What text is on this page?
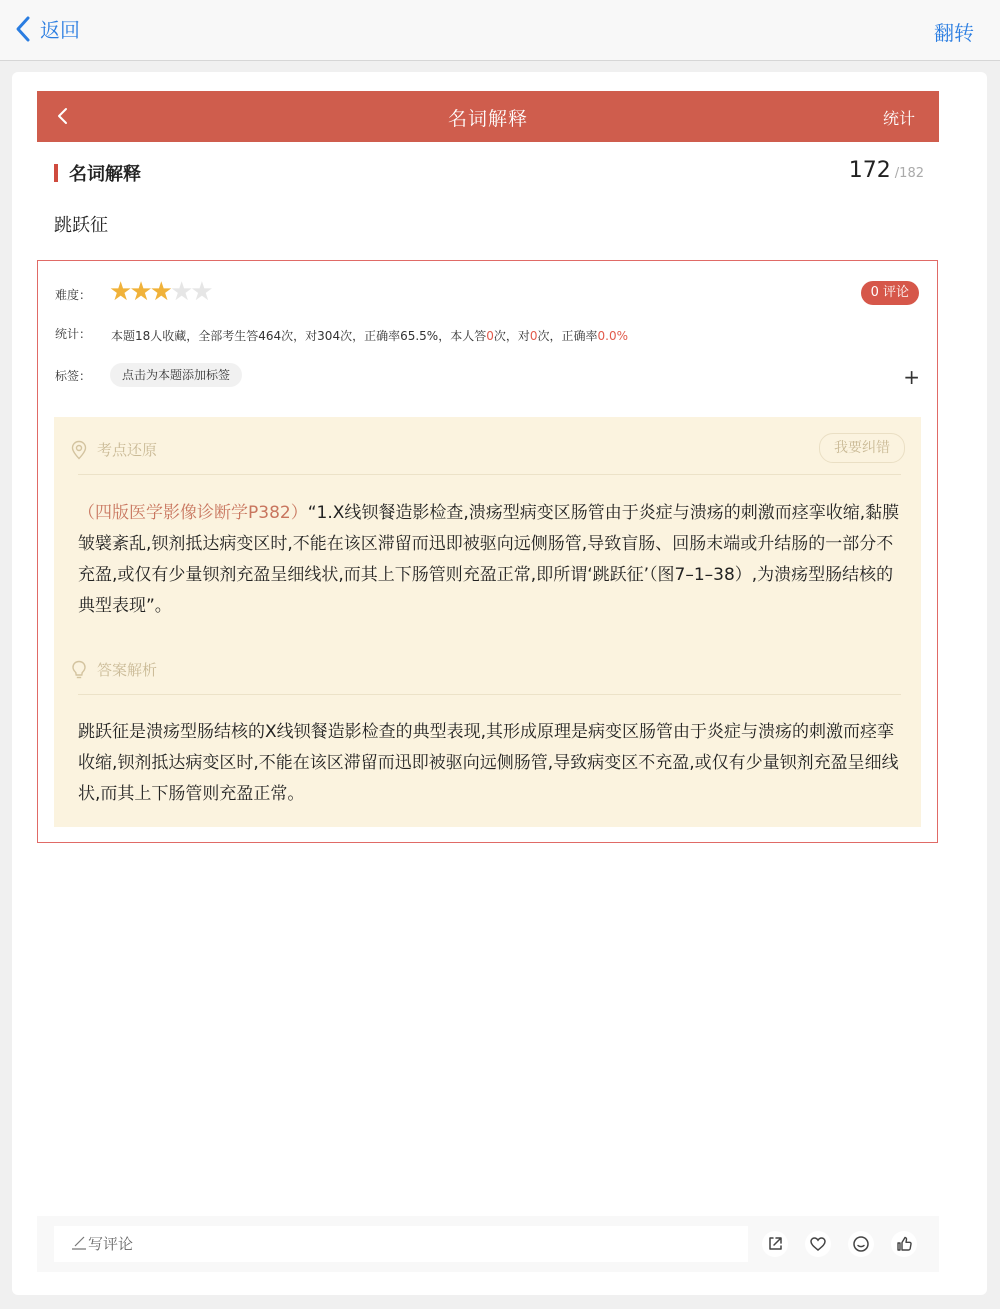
返回	翻转
名词解释	统计
名词解释	172 /182
跳跃征
难度： ★
★
★
★
★	0 评论
统计： 本题18人收藏，全部考生答464次，对304次，正确率65.5%，本人答0次，对0次，正确率0.0%
标签：	点击为本题添加标签	+
考点还原	我要纠错
（四版医学影像诊断学P382）“1.X线钡餐造影检查,溃疡型病变区肠管由于炎症与溃疡的刺激而痉挛收缩,黏膜皱襞紊乱,钡剂抵达病变区时,不能在该区滞留而迅即被驱向远侧肠管,导致盲肠、回肠末端或升结肠的一部分不充盈,或仅有少量钡剂充盈呈细线状,而其上下肠管则充盈正常,即所谓‘跳跃征’（图7–1–38）,为溃疡型肠结核的典型表现”。
答案解析
跳跃征是溃疡型肠结核的X线钡餐造影检查的典型表现,其形成原理是病变区肠管由于炎症与溃疡的刺激而痉挛收缩,钡剂抵达病变区时,不能在该区滞留而迅即被驱向远侧肠管,导致病变区不充盈,或仅有少量钡剂充盈呈细线状,而其上下肠管则充盈正常。
写评论
